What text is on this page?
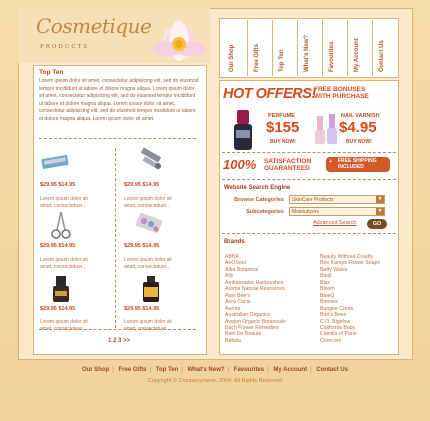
Cosmetique
PRODUCTS
Top Ten
Lorem ipsum dolor sit amet, consectetur adipisicing elit, sed do eiusmod tempor incididunt ut labore et dolore magna aliqua. Lorem ipsum dolor sit amet, consectetur adipisicing elit, sed do eiusmod tempor incididunt ut labore et dolore magna aliqua. Lorem ipsum dolor sit amet, consectetur adipisicing elit, sed do eiusmod tempor incididunt ut labore et dolore magna aliqua. Lorem ipsum dolor sit amet.
$29.95 $14.95
Lorem ipsum dolor sit
amet, consectetuer...
$29.95 $14.95
Lorem ipsum dolor sit
amet, consectetuer...
$29.95 $14.95
Lorem ipsum dolor sit
amet, consectetuer...
$29.95 $14.95
Lorem ipsum dolor sit
amet, consectetuer...
$29.95 $14.95
Lorem ipsum dolor sit
amet, consectetuer...
$29.95 $14.95
Lorem ipsum dolor sit
amet, consectetuer...
1 2 3 >>
Our Shop	Free Gifts	Top Ten	What's New?	Favourites	My Account	Contact Us
HOT OFFERS!
FREE BONUSES
WITH PURCHASE
PERFUME
$155
BUY NOW!
NAIL VARNISH
$4.95
BUY NOW!
100% SATISFACTION
GUARANTEED
+ FREE SHIPPING
INCLUDED
Website Search Engine
Browse Categories	SkinCare Products	▼
Subcategories	Moisturizers	▼
Advanced Search	GO
Brands
ABBA
AirOSoul
Alba Botanical
Ally
Ambassador Hairbrushes
Aroma Natural Resources
Aunt Bee's
Aura Cacia
Aurora
Australian Organics
Avalon Organic Botanicals
Bach Flower Remedies
Bain De Beaute
Bafalia
Beauty Without Cruelty
Bee Kamps Flower Soaps
Betty Wales
Bindi
Blax
Bloom
BlueQ
Bonnes
Bungee Cords
Burt's Bees
C.O. Bigelow
California Baby
Camilla of Paris
Carecare
Our Shop | Free Gifts | Top Ten | What's New? | Favourites | My Account | Contact Us
Copyright © Companyname, 2004. All Rights Reserved
